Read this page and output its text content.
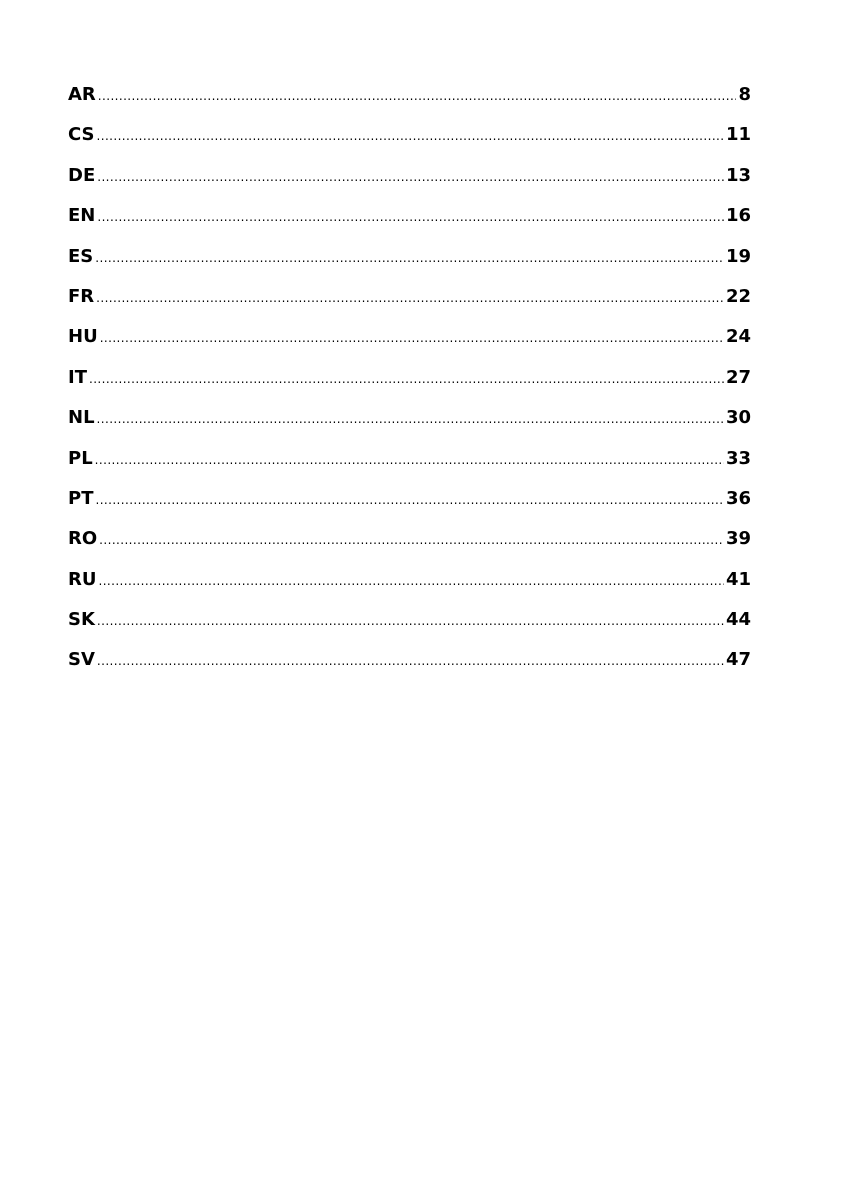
AR .....	8
CS .....	11
DE .....	13
EN .....	16
ES .....	19
FR .....	22
HU .....	24
IT .....	27
NL .....	30
PL .....	33
PT .....	36
RO .....	39
RU .....	41
SK .....	44
SV .....	47
